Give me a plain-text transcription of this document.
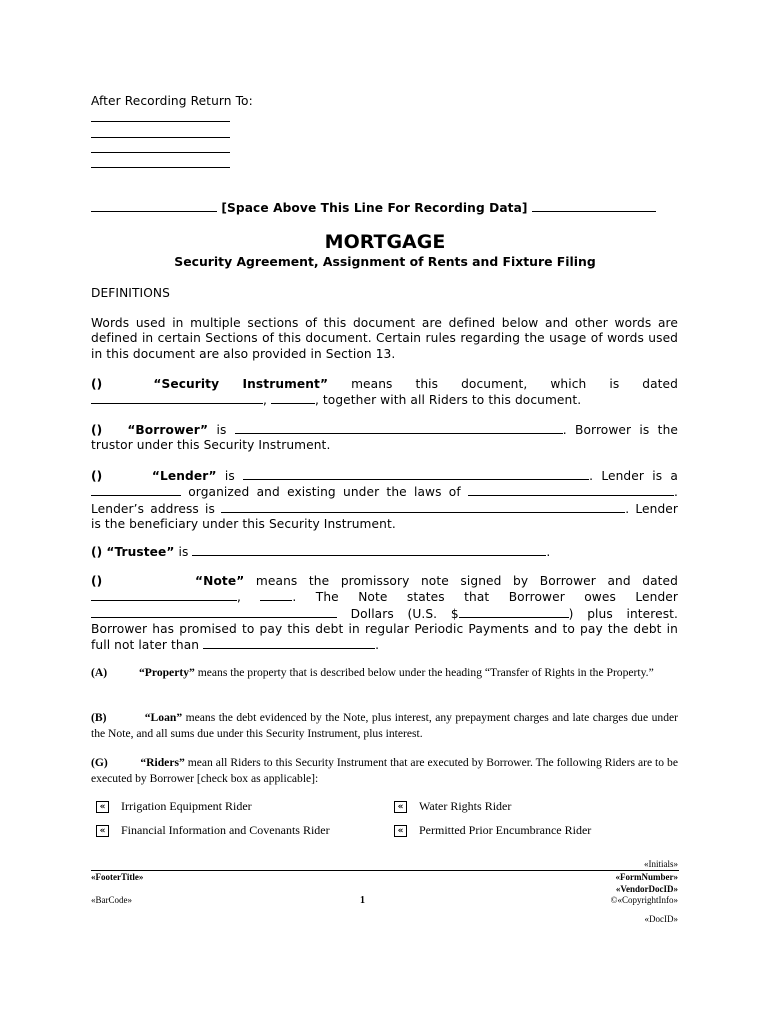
After Recording Return To:
[Space Above This Line For Recording Data]
MORTGAGE
Security Agreement, Assignment of Rents and Fixture Filing
DEFINITIONS
Words used in multiple sections of this document are defined below and other words are defined in certain Sections of this document. Certain rules regarding the usage of words used in this document are also provided in Section 13.
()	“Security Instrument” means this document, which is dated ,	, together with all Riders to this document.
() “Borrower” is	. Borrower is the trustor under this Security Instrument.
()	“Lender” is	. Lender is a  organized and existing under the laws of	. Lender’s address is	. Lender is the beneficiary under this Security Instrument.
() “Trustee” is	.
()	“Note” means the promissory note signed by Borrower and dated ,	. The Note states that Borrower owes Lender  Dollars (U.S. $	) plus interest. Borrower has promised to pay this debt in regular Periodic Payments and to pay the debt in full not later than	.
(A)	“Property” means the property that is described below under the heading “Transfer of Rights in the Property.”
(B)	“Loan” means the debt evidenced by the Note, plus interest, any prepayment charges and late charges due under the Note, and all sums due under this Security Instrument, plus interest.
(G)	“Riders” mean all Riders to this Security Instrument that are executed by Borrower. The following Riders are to be executed by Borrower [check box as applicable]:
« Irrigation Equipment Rider	« Water Rights Rider
« Financial Information and Covenants Rider	« Permitted Prior Encumbrance Rider
«Initials»
«FooterTitle»	«FormNumber»
«VendorDocID»
«BarCode»	1	©«CopyrightInfo»
«DocID»
